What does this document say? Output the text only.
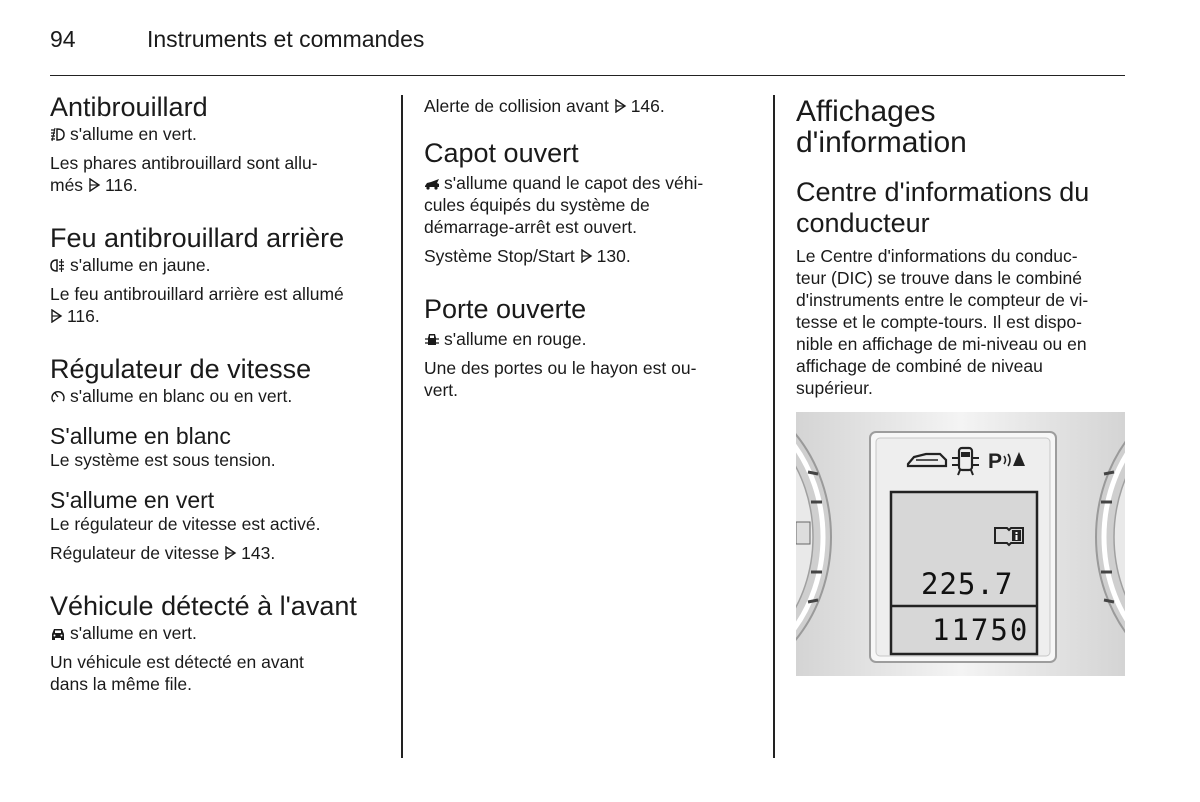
94	Instruments et commandes
Antibrouillard

s'allume en vert.

Les phares antibrouillard sont allu-
més 116.

Feu antibrouillard arrière

s'allume en jaune.

Le feu antibrouillard arrière est allumé

116.

Régulateur de vitesse

s'allume en blanc ou en vert.

S'allume en blanc

Le système est sous tension.

S'allume en vert

Le régulateur de vitesse est activé.

Régulateur de vitesse 143.

Véhicule détecté à l'avant

s'allume en vert.

Un véhicule est détecté en avant
dans la même file.

Alerte de collision avant 146.

Capot ouvert

s'allume quand le capot des véhi-

cules équipés du système de
démarrage-arrêt est ouvert.

Système Stop/Start 130.

Porte ouverte

s'allume en rouge.

Une des portes ou le hayon est ou-
vert.

Affichages
d'information
Centre d'informations du
conducteur

Le Centre d'informations du conduc-
teur (DIC) se trouve dans le combiné
d'instruments entre le compteur de vi-
tesse et le compte-tours. Il est dispo-
nible en affichage de mi-niveau ou en
affichage de combiné de niveau
supérieur.

P
225.7
11750
